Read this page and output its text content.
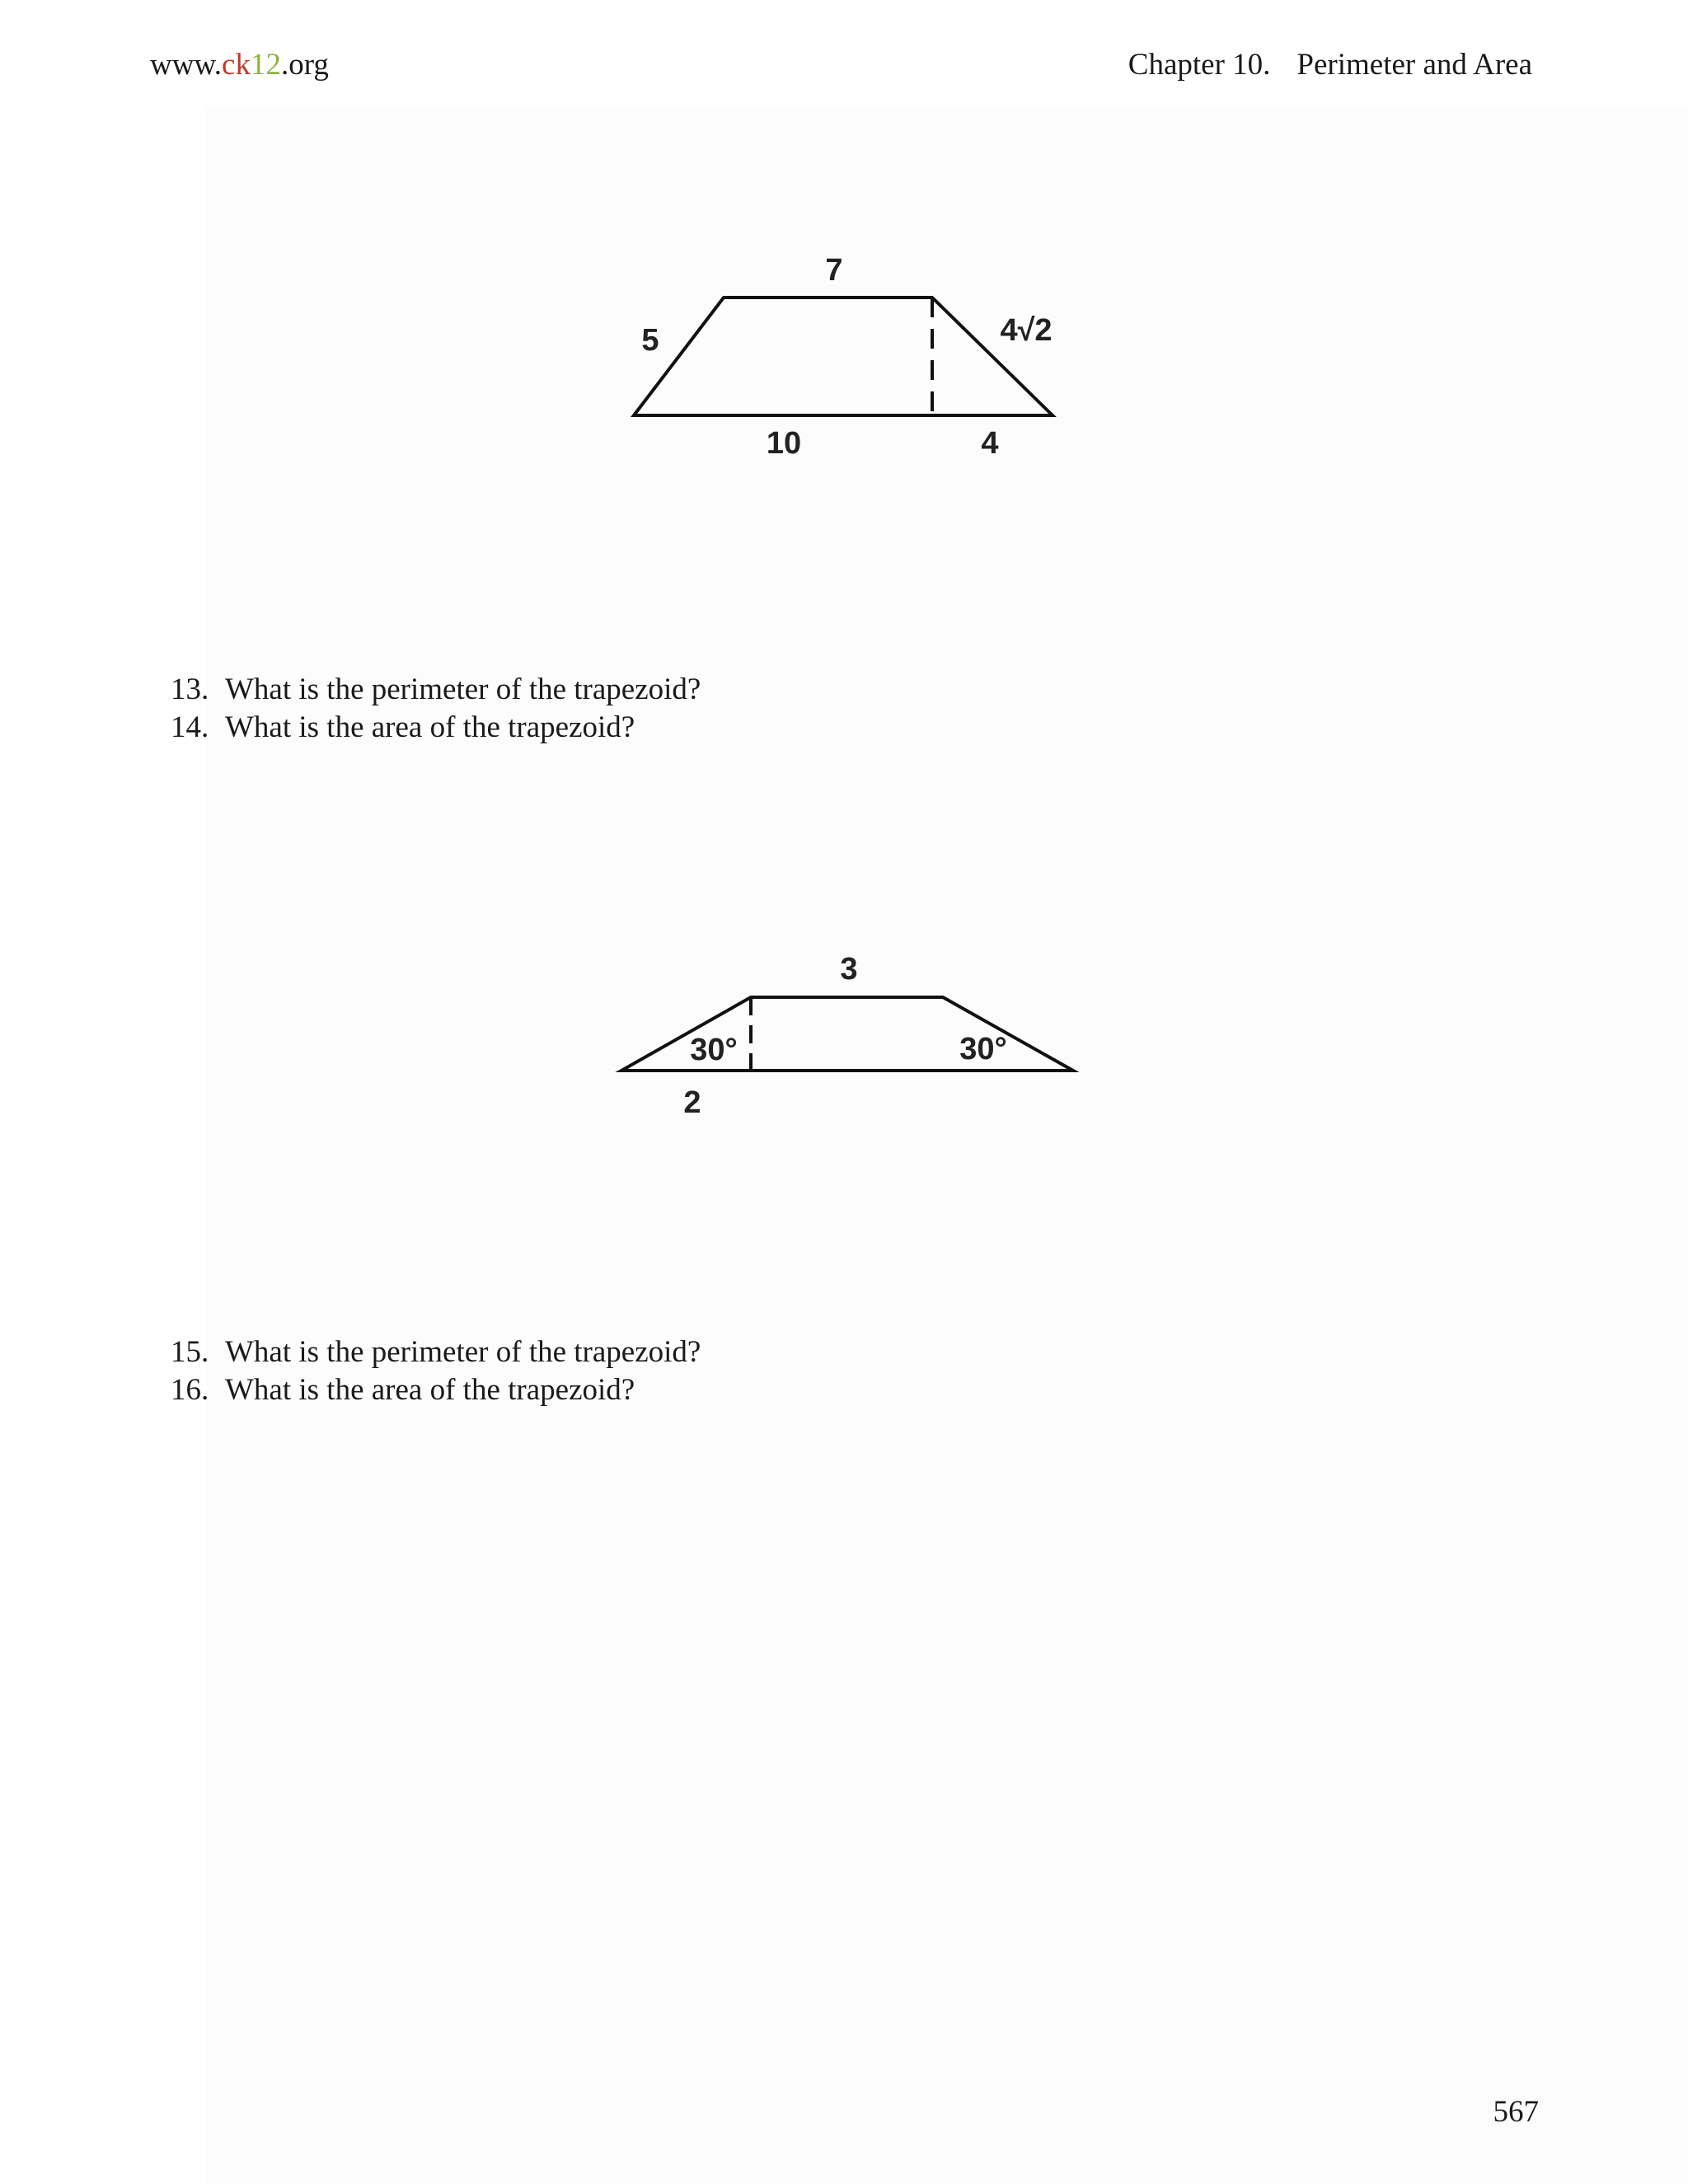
www.ck12.org	Chapter 10. Perimeter and Area
7
5	4√2
10	4
13. What is the perimeter of the trapezoid?
14. What is the area of the trapezoid?
3
30°	30°
2
15. What is the perimeter of the trapezoid?
16. What is the area of the trapezoid?
567
